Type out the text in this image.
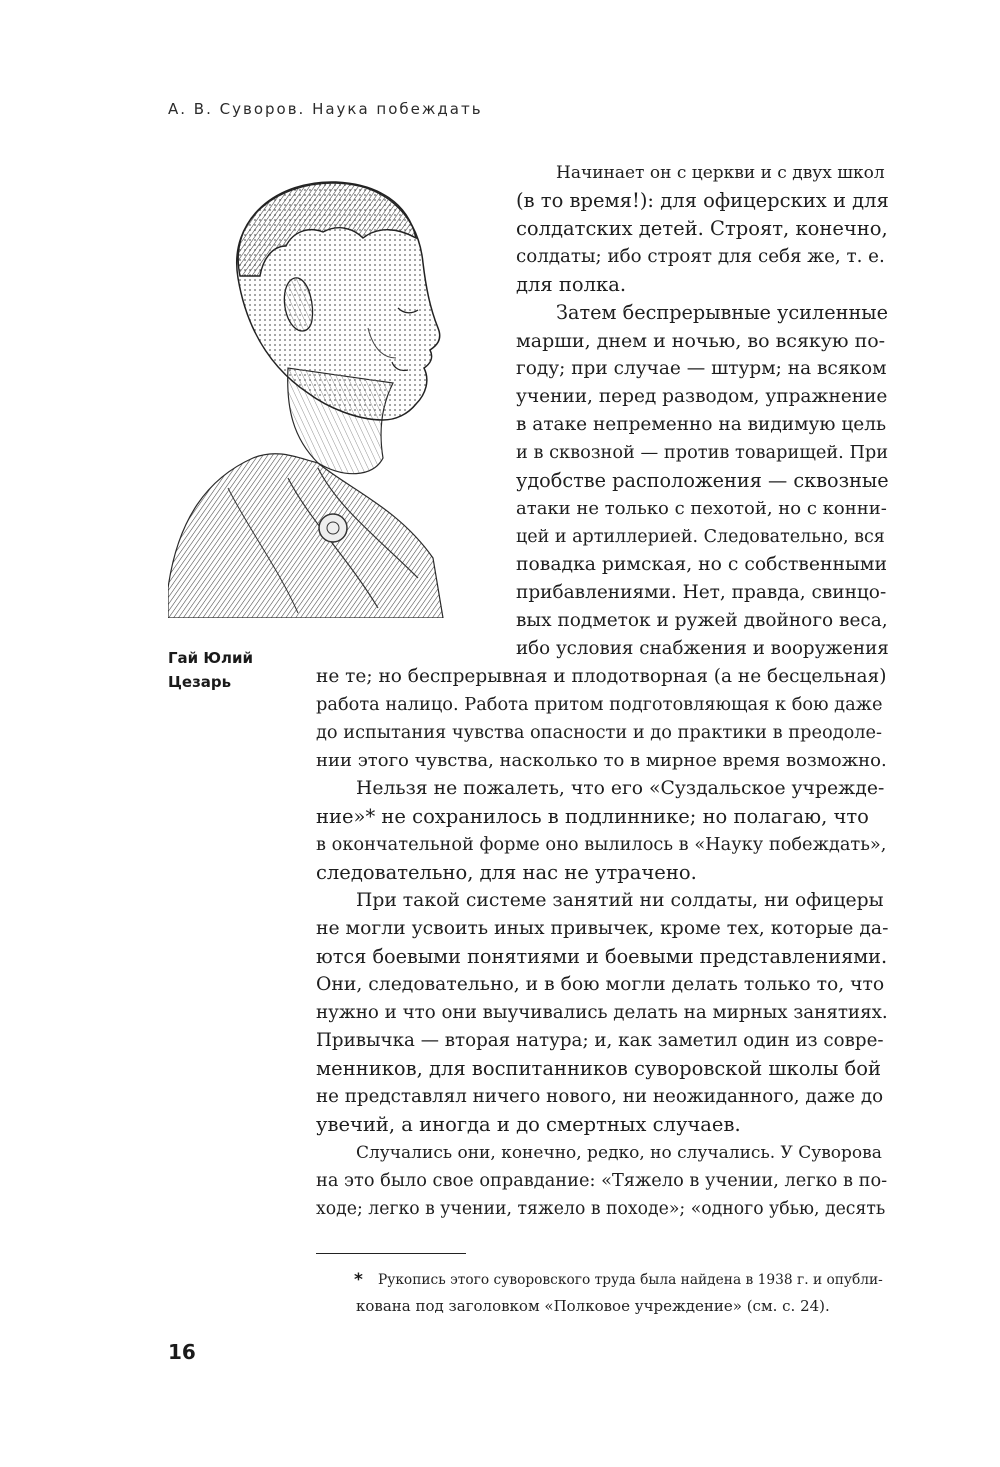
А. В. Суворов. Наука побеждать
Гай Юлий
Цезарь
Начинает он с церкви и с двух школ
(в то время!): для офицерских и для
солдатских детей. Строят, конечно,
солдаты; ибо строят для себя же, т. е.
для полка.
Затем беспрерывные усиленные
марши, днем и ночью, во всякую по-
году; при случае — штурм; на всяком
учении, перед разводом, упражнение
в атаке непременно на видимую цель
и в сквозной — против товарищей. При
удобстве расположения — сквозные
атаки не только с пехотой, но с конни-
цей и артиллерией. Следовательно, вся
повадка римская, но с собственными
прибавлениями. Нет, правда, свинцо-
вых подметок и ружей двойного веса,
ибо условия снабжения и вооружения
не те; но беспрерывная и плодотворная (а не бесцельная)
работа налицо. Работа притом подготовляющая к бою даже
до испытания чувства опасности и до практики в преодоле-
нии этого чувства, насколько то в мирное время возможно.
Нельзя не пожалеть, что его «Суздальское учрежде-
ние»* не сохранилось в подлиннике; но полагаю, что
в окончательной форме оно вылилось в «Науку побеждать»,
следовательно, для нас не утрачено.
При такой системе занятий ни солдаты, ни офицеры
не могли усвоить иных привычек, кроме тех, которые да-
ются боевыми понятиями и боевыми представлениями.
Они, следовательно, и в бою могли делать только то, что
нужно и что они выучивались делать на мирных занятиях.
Привычка — вторая натура; и, как заметил один из совре-
менников, для воспитанников суворовской школы бой
не представлял ничего нового, ни неожиданного, даже до
увечий, а иногда и до смертных случаев.
Случались они, конечно, редко, но случались. У Суворова
на это было свое оправдание: «Тяжело в учении, легко в по-
ходе; легко в учении, тяжело в походе»; «одного убью, десять
* Рукопись этого суворовского труда была найдена в 1938 г. и опубли-
кована под заголовком «Полковое учреждение» (см. с. 24).
16
